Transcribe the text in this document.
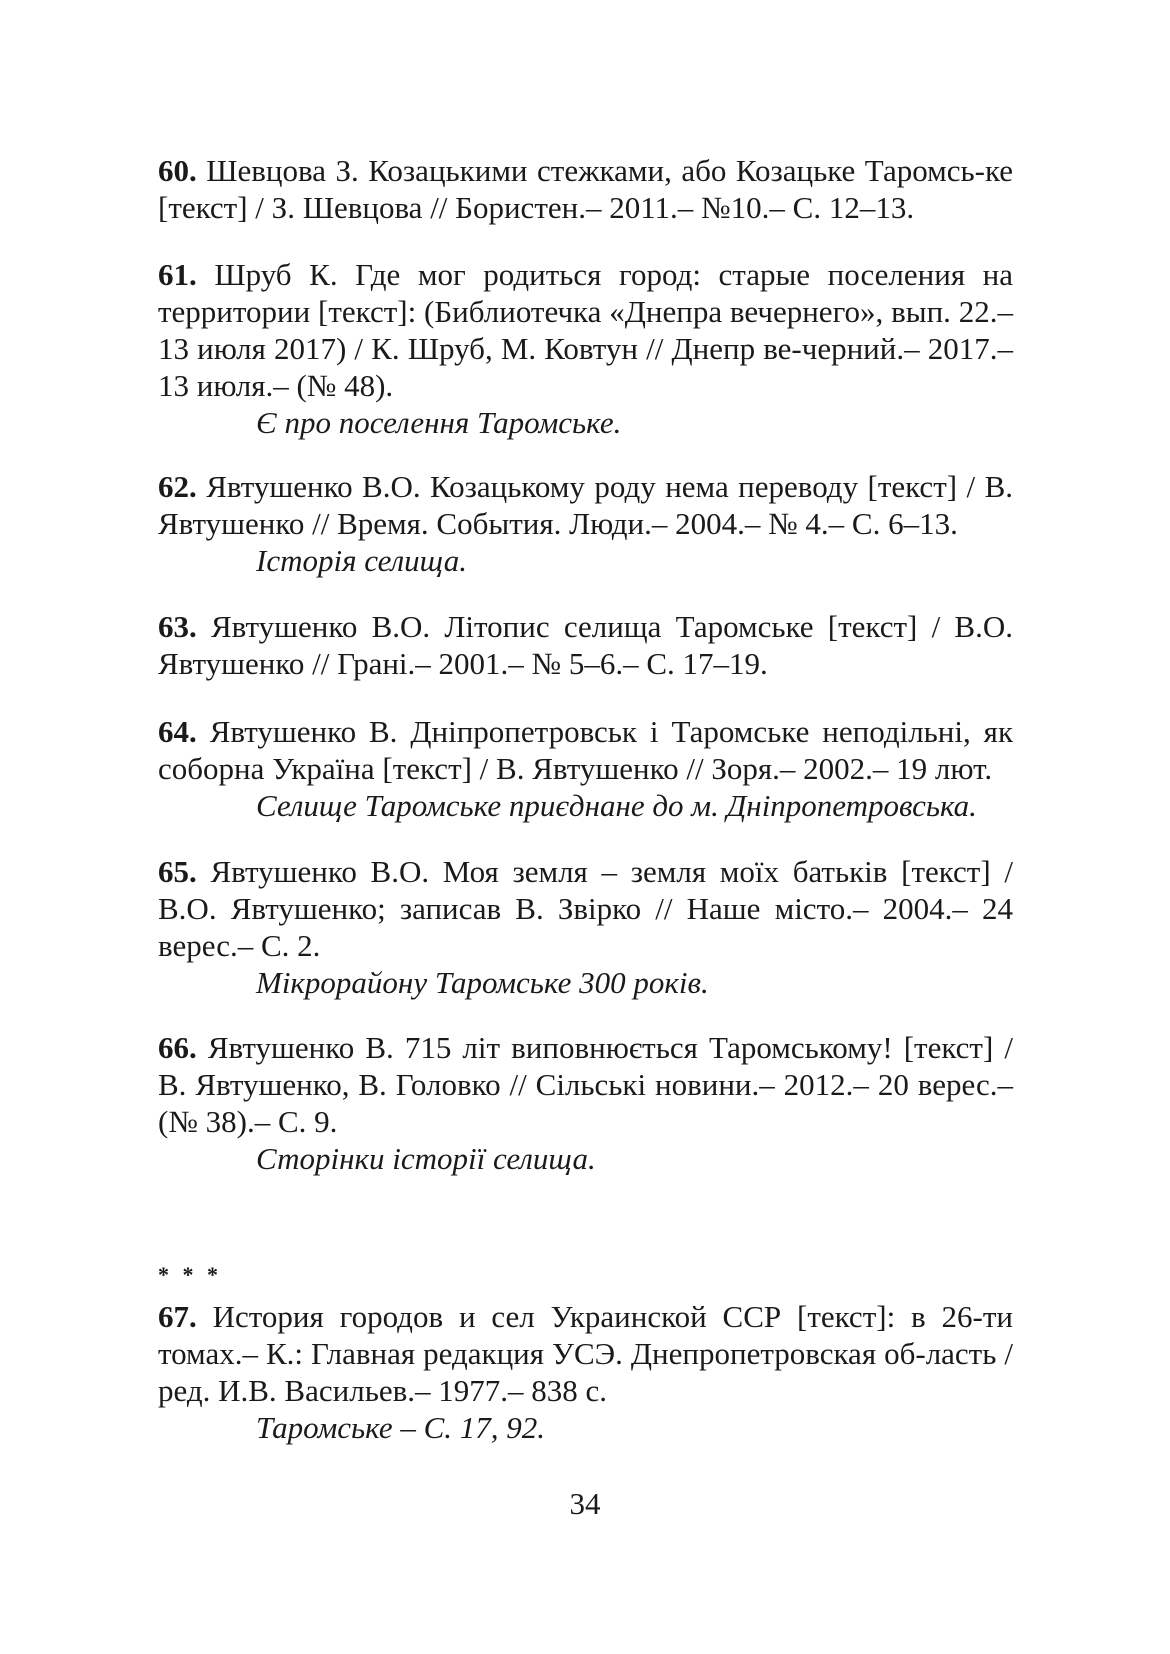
60. Шевцова З. Козацькими стежками, або Козацьке Таромсь-ке [текст] / З. Шевцова // Бористен.– 2011.– №10.– С. 12–13.

61. Шруб К. Где мог родиться город: старые поселения на территории [текст]: (Библиотечка «Днепра вечернего», вып. 22.– 13 июля 2017) / К. Шруб, М. Ковтун // Днепр ве-черний.– 2017.– 13 июля.– (№ 48).

Є про поселення Таромське.

62. Явтушенко В.О. Козацькому роду нема переводу [текст] / В. Явтушенко // Время. События. Люди.– 2004.– № 4.– С. 6–13.

Історія селища.

63. Явтушенко В.О. Літопис селища Таромське [текст] / В.О. Явтушенко // Грані.– 2001.– № 5–6.– С. 17–19.

64. Явтушенко В. Дніпропетровськ і Таромське неподільні, як соборна Україна [текст] / В. Явтушенко // Зоря.– 2002.– 19 лют.

Селище Таромське приєднане до м. Дніпропетровська.

65. Явтушенко В.О. Моя земля – земля моїх батьків [текст] / В.О. Явтушенко; записав В. Звірко // Наше місто.– 2004.– 24 верес.– С. 2.

Мікрорайону Таромське 300 років.

66. Явтушенко В. 715 літ виповнюється Таромському! [текст] / В. Явтушенко, В. Головко // Сільські новини.– 2012.– 20 верес.– (№ 38).– С. 9.

Сторінки історії селища.

* * *

67. История городов и сел Украинской ССР [текст]: в 26-ти томах.– К.: Главная редакция УСЭ. Днепропетровская об-ласть / ред. И.В. Васильев.– 1977.– 838 с.

Таромське – С. 17, 92.

34
